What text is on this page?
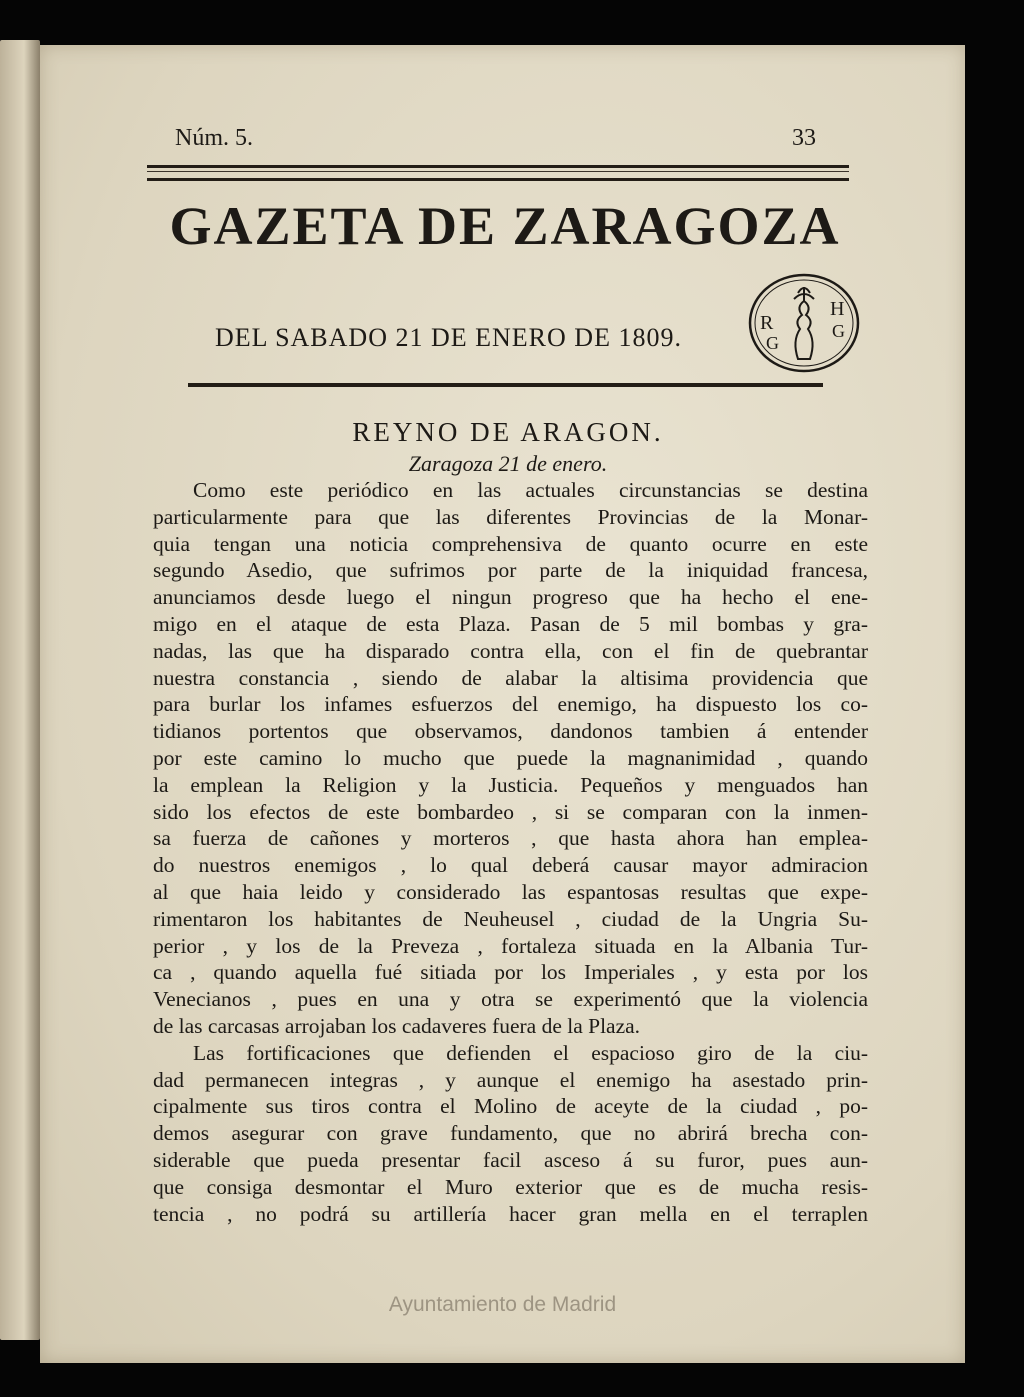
Núm. 5.	33
GAZETA DE ZARAGOZA
DEL SABADO 21 DE ENERO DE 1809.	R
G
H
G
REYNO DE ARAGON.
Zaragoza 21 de enero.
Como este periódico en las actuales circunstancias se destina
particularmente para que las diferentes Provincias de la Monar-
quia tengan una noticia comprehensiva de quanto ocurre en este
segundo Asedio, que sufrimos por parte de la iniquidad francesa,
anunciamos desde luego el ningun progreso que ha hecho el ene-
migo en el ataque de esta Plaza. Pasan de 5 mil bombas y gra-
nadas, las que ha disparado contra ella, con el fin de quebrantar
nuestra constancia , siendo de alabar la altisima providencia que
para burlar los infames esfuerzos del enemigo, ha dispuesto los co-
tidianos portentos que observamos, dandonos tambien á entender
por este camino lo mucho que puede la magnanimidad , quando
la emplean la Religion y la Justicia. Pequeños y menguados han
sido los efectos de este bombardeo , si se comparan con la inmen-
sa fuerza de cañones y morteros , que hasta ahora han emplea-
do nuestros enemigos , lo qual deberá causar mayor admiracion
al que haia leido y considerado las espantosas resultas que expe-
rimentaron los habitantes de Neuheusel , ciudad de la Ungria Su-
perior , y los de la Preveza , fortaleza situada en la Albania Tur-
ca , quando aquella fué sitiada por los Imperiales , y esta por los
Venecianos , pues en una y otra se experimentó que la violencia
de las carcasas arrojaban los cadaveres fuera de la Plaza.
Las fortificaciones que defienden el espacioso giro de la ciu-
dad permanecen integras , y aunque el enemigo ha asestado prin-
cipalmente sus tiros contra el Molino de aceyte de la ciudad , po-
demos asegurar con grave fundamento, que no abrirá brecha con-
siderable que pueda presentar facil asceso á su furor, pues aun-
que consiga desmontar el Muro exterior que es de mucha resis-
tencia , no podrá su artillería hacer gran mella en el terraplen
Ayuntamiento de Madrid
